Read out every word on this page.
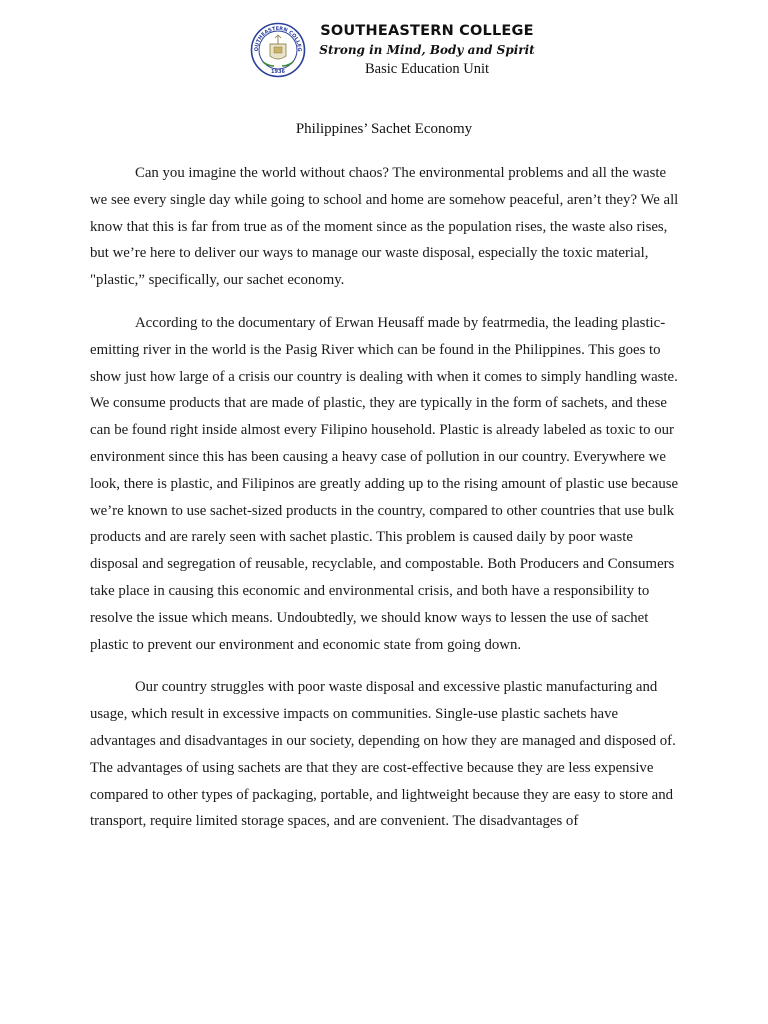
OUTHEASTERN COLLEG
1936
SOUTHEASTERN COLLEGE
Strong in Mind, Body and Spirit
Basic Education Unit
Philippines’ Sachet Economy

Can you imagine the world without chaos? The environmental problems and all the waste we see every single day while going to school and home are somehow peaceful, aren’t they? We all know that this is far from true as of the moment since as the population rises, the waste also rises, but we’re here to deliver our ways to manage our waste disposal, especially the toxic material, "plastic,” specifically, our sachet economy.

According to the documentary of Erwan Heusaff made by featrmedia, the leading plastic-emitting river in the world is the Pasig River which can be found in the Philippines. This goes to show just how large of a crisis our country is dealing with when it comes to simply handling waste. We consume products that are made of plastic, they are typically in the form of sachets, and these can be found right inside almost every Filipino household. Plastic is already labeled as toxic to our environment since this has been causing a heavy case of pollution in our country. Everywhere we look, there is plastic, and Filipinos are greatly adding up to the rising amount of plastic use because we’re known to use sachet-sized products in the country, compared to other countries that use bulk products and are rarely seen with sachet plastic. This problem is caused daily by poor waste disposal and segregation of reusable, recyclable, and compostable. Both Producers and Consumers take place in causing this economic and environmental crisis, and both have a responsibility to resolve the issue which means. Undoubtedly, we should know ways to lessen the use of sachet plastic to prevent our environment and economic state from going down.

Our country struggles with poor waste disposal and excessive plastic manufacturing and usage, which result in excessive impacts on communities. Single-use plastic sachets have advantages and disadvantages in our society, depending on how they are managed and disposed of. The advantages of using sachets are that they are cost-effective because they are less expensive compared to other types of packaging, portable, and lightweight because they are easy to store and transport, require limited storage spaces, and are convenient. The disadvantages of
